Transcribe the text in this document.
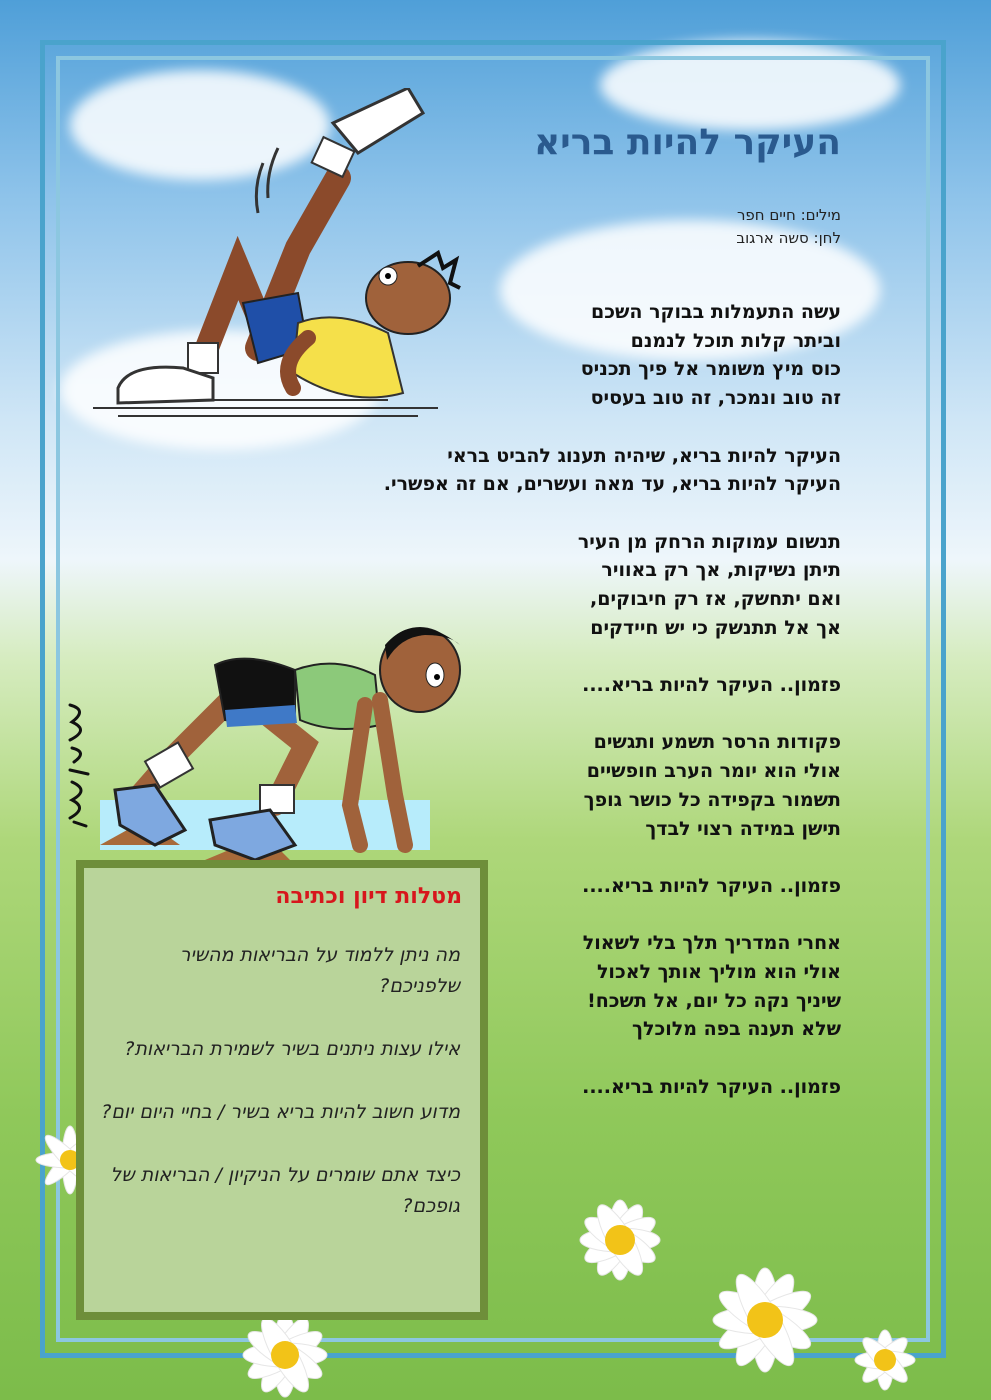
העיקר להיות בריא
מילים: חיים חפר
לחן: סשה ארגוב
עשה התעמלות בבוקר השכם
וביתר קלות תוכל לנמנם
כוס מיץ משומר אל פיך תכניס
זה טוב ונמכר, זה טוב בעסיס
העיקר להיות בריא, שיהיה תענוג להביט בראי
העיקר להיות בריא, עד מאה ועשרים, אם זה אפשרי.
תנשום עמוקות הרחק מן העיר
תיתן נשיקות, אך רק באוויר
ואם יתחשק, אז רק חיבוקים,
אך אל תתנשק כי יש חיידקים
פזמון.. העיקר להיות בריא....
פקודות הרסר תשמע ותגשים
אולי הוא יומר הערב חופשיים
תשמור בקפידה כל כושר גופך
תישן במידה רצוי לבדך
פזמון.. העיקר להיות בריא....
אחרי המדריך תלך בלי לשאול
אולי הוא מוליך אותך לאכול
שיניך נקה כל יום, אל תשכח!
שלא תענה בפה מלוכלך
פזמון.. העיקר להיות בריא....
מטלות דיון וכתיבה
מה ניתן ללמוד על הבריאות מהשיר שלפניכם?
אילו עצות ניתנים בשיר לשמירת הבריאות?
מדוע חשוב להיות בריא בשיר / בחיי היום יום?
כיצד אתם שומרים על הניקיון / הבריאות של גופכם?
